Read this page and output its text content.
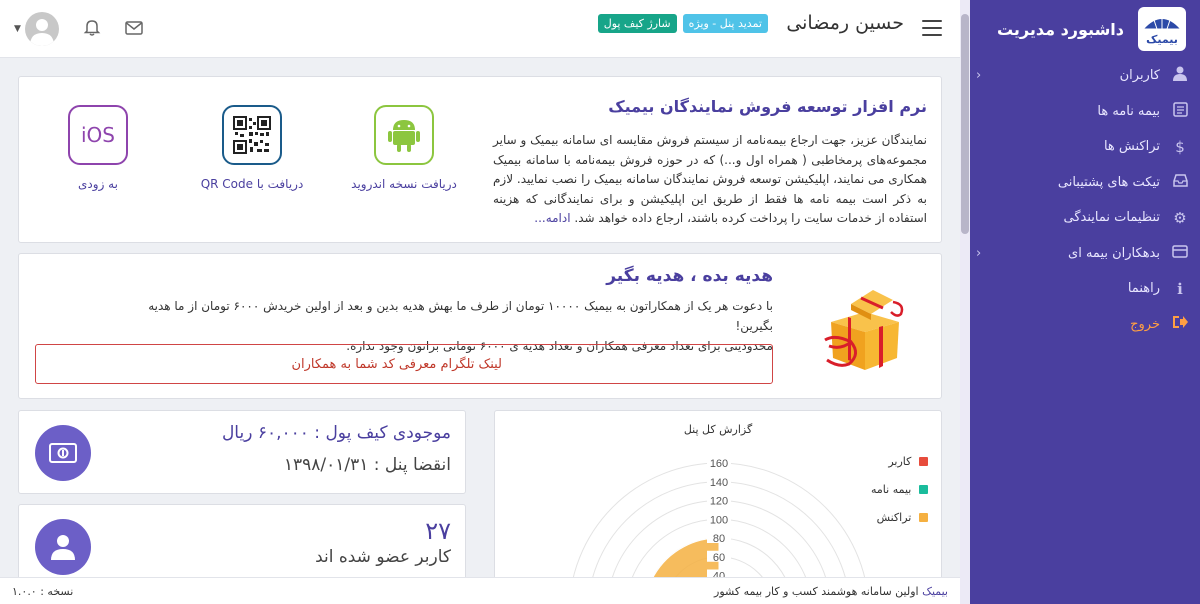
داشبورد مدیریت
بیمیک
کاربران
‹
بیمه نامه ها
$
تراکنش ها
تیکت های پشتیبانی
⚙
تنظیمات نمایندگی
بدهکاران بیمه ای
‹
ℹ
راهنما
خروج
حسین رمضانی
تمدید پنل - ویژه
شارژ کیف پول
▼
نرم افزار توسعه فروش نمایندگان بیمیک
نمایندگان عزیز، جهت ارجاع بیمه‌نامه از سیستم فروش مقایسه ای سامانه بیمیک و سایر مجموعه‌های پرمخاطبی ( همراه اول و...) که در حوزه فروش بیمه‌نامه با سامانه بیمیک همکاری می نمایند، اپلیکیشن توسعه فروش نمایندگان سامانه بیمیک را نصب نمایید. لازم به ذکر است بیمه نامه ها فقط از طریق این اپلیکیشن و برای نمایندگانی که هزینه استفاده از خدمات سایت را پرداخت کرده باشند، ارجاع داده خواهد شد. ادامه...
دریافت نسخه اندروید
دریافت با QR Code
iOS
به زودی
هدیه بده ، هدیه بگیر
با دعوت هر یک از همکاراتون به بیمیک ۱۰۰۰۰ تومان از طرف ما بهش هدیه بدین و بعد از اولین خریدش ۶۰۰۰ تومان از ما هدیه بگیرین!
محدودیتی برای تعداد معرفی همکاران و تعداد هدیه ی ۶۰۰۰ تومانی براتون وجود نداره.
لینک تلگرام معرفی کد شما به همکاران
موجودی کیف پول : ۶۰,۰۰۰ ریال
انقضا پنل : ۱۳۹۸/۰۱/۳۱
۲۷
کاربر عضو شده اند	60
80
100
120
140
160
گزارش کل پنل
کاربر
بیمه نامه
تراکنش
بیمیک اولین سامانه هوشمند کسب و کار بیمه کشور
نسخه : ۱.۰.۰
